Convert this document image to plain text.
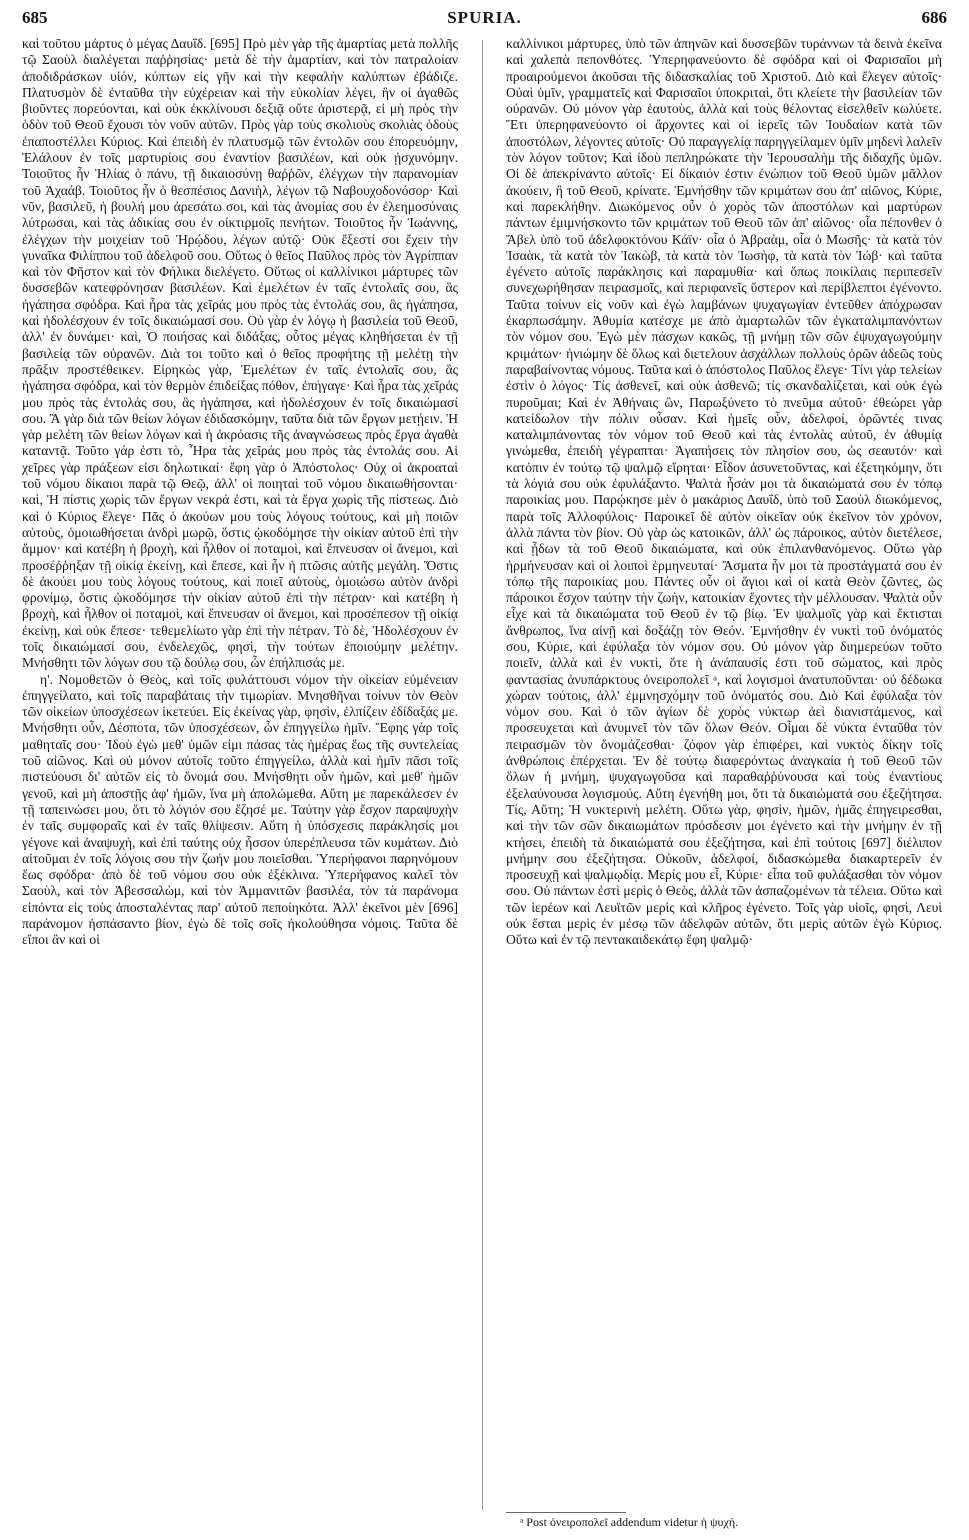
685	SPURIA.	686

καὶ τοῦτου μάρτυς ὁ μέγας Δαυΐδ. [695] Πρὸ μὲν γὰρ τῆς ἁμαρτίας μετὰ πολλῆς τῷ Σαοὺλ διαλέγεται παῤῥησίας· μετὰ δὲ τὴν ἁμαρτίαν, καὶ τὸν πατραλοίαν ἀποδιδράσκων υἱόν, κύπτων εἰς γῆν καὶ τὴν κεφαλὴν καλύπτων ἐβάδιζε. Πλατυσμὸν δὲ ἐνταῦθα τὴν εὐχέρειαν καὶ τὴν εὐκολίαν λέγει, ἣν οἱ ἀγαθῶς βιοῦντες πορεύονται, καὶ οὐκ ἐκκλίνουσι δεξιᾷ οὔτε ἀριστερᾷ, εἰ μὴ πρὸς τὴν ὁδὸν τοῦ Θεοῦ ἔχουσι τὸν νοῦν αὐτῶν. Πρὸς γὰρ τοὺς σκολιοὺς σκολιὰς ὁδοὺς ἐπαποστέλλει Κύριος. Καὶ ἐπειδὴ ἐν πλατυσμῷ τῶν ἐντολῶν σου ἐπορευόμην, Ἐλάλουν ἐν τοῖς μαρτυρίοις σου ἐναντίον βασιλέων, καὶ οὐκ ᾐσχυνόμην. Τοιοῦτος ἦν Ἠλίας ὁ πάνυ, τῇ δικαιοσύνῃ θαῤῥῶν, ἐλέγχων τὴν παρανομίαν τοῦ Ἀχαάβ. Τοιοῦτος ἦν ὁ θεσπέσιος Δανιὴλ, λέγων τῷ Ναβουχοδονόσορ· Καὶ νῦν, βασιλεῦ, ἡ βουλή μου ἀρεσάτω σοι, καὶ τὰς ἀνομίας σου ἐν ἐλεημοσύναις λύτρωσαι, καὶ τὰς ἀδικίας σου ἐν οἰκτιρμοῖς πενήτων. Τοιοῦτος ἦν Ἰωάννης, ἐλέγχων τὴν μοιχείαν τοῦ Ἡρῴδου, λέγων αὐτῷ· Οὐκ ἔξεστί σοι ἔχειν τὴν γυναῖκα Φιλίππου τοῦ ἀδελφοῦ σου. Οὕτως ὁ θεῖος Παῦλος πρὸς τὸν Ἀγρίππαν καὶ τὸν Φῆστον καὶ τὸν Φήλικα διελέγετο. Οὕτως οἱ καλλίνικοι μάρτυρες τῶν δυσσεβῶν κατεφρόνησαν βασιλέων. Καὶ ἐμελέτων ἐν ταῖς ἐντολαῖς σου, ἃς ἠγάπησα σφόδρα. Καὶ ἦρα τὰς χεῖράς μου πρὸς τὰς ἐντολάς σου, ἃς ἠγάπησα, καὶ ἠδολέσχουν ἐν τοῖς δικαιώμασί σου. Οὐ γὰρ ἐν λόγῳ ἡ βασιλεία τοῦ Θεοῦ, ἀλλ' ἐν δυνάμει· καὶ, Ὁ ποιήσας καὶ διδάξας, οὗτος μέγας κληθήσεται ἐν τῇ βασιλείᾳ τῶν οὐρανῶν. Διὰ τοι τοῦτο καὶ ὁ θεῖος προφήτης τῇ μελέτῃ τὴν πρᾶξιν προστέθεικεν. Εἰρηκὼς γὰρ, Ἐμελέτων ἐν ταῖς ἐντολαῖς σου, ἃς ἠγάπησα σφόδρα, καὶ τὸν θερμὸν ἐπιδείξας πόθον, ἐπήγαγε· Καὶ ἦρα τὰς χεῖράς μου πρὸς τὰς ἐντολάς σου, ἃς ἠγάπησα, καὶ ἠδολέσχουν ἐν τοῖς δικαιώμασί σου. Ἃ γὰρ διὰ τῶν θείων λόγων ἐδιδασκόμην, ταῦτα διὰ τῶν ἔργων μετῄειν. Ἡ γὰρ μελέτη τῶν θείων λόγων καὶ ἡ ἀκρόασις τῆς ἀναγνώσεως πρὸς ἔργα ἀγαθὰ καταντᾷ. Τοῦτο γάρ ἐστι τὸ, Ἦρα τὰς χεῖράς μου πρὸς τὰς ἐντολάς σου. Αἱ χεῖρες γὰρ πράξεων εἰσι δηλωτικαί· ἔφη γὰρ ὁ Ἀπόστολος· Οὐχ οἱ ἀκροαταὶ τοῦ νόμου δίκαιοι παρὰ τῷ Θεῷ, ἀλλ' οἱ ποιηταὶ τοῦ νόμου δικαιωθήσονται· καὶ, Ἡ πίστις χωρὶς τῶν ἔργων νεκρά ἐστι, καὶ τὰ ἔργα χωρὶς τῆς πίστεως. Διὸ καὶ ὁ Κύριος ἔλεγε· Πᾶς ὁ ἀκούων μου τοὺς λόγους τούτους, καὶ μὴ ποιῶν αὐτοὺς, ὁμοιωθήσεται ἀνδρὶ μωρῷ, ὅστις ᾠκοδόμησε τὴν οἰκίαν αὐτοῦ ἐπὶ τὴν ἄμμον· καὶ κατέβη ἡ βροχὴ, καὶ ἦλθον οἱ ποταμοὶ, καὶ ἔπνευσαν οἱ ἄνεμοι, καὶ προσέῤῥηξαν τῇ οἰκίᾳ ἐκείνῃ, καὶ ἔπεσε, καὶ ἦν ἡ πτῶσις αὐτῆς μεγάλη. Ὅστις δὲ ἀκούει μου τοὺς λόγους τούτους, καὶ ποιεῖ αὐτοὺς, ὁμοιώσω αὐτὸν ἀνδρὶ φρονίμῳ, ὅστις ᾠκοδόμησε τὴν οἰκίαν αὐτοῦ ἐπὶ τὴν πέτραν· καὶ κατέβη ἡ βροχὴ, καὶ ἦλθον οἱ ποταμοὶ, καὶ ἔπνευσαν οἱ ἄνεμοι, καὶ προσέπεσον τῇ οἰκίᾳ ἐκείνῃ, καὶ οὐκ ἔπεσε· τεθεμελίωτο γὰρ ἐπὶ τὴν πέτραν. Τὸ δὲ, Ἠδολέσχουν ἐν τοῖς δικαιώμασί σου, ἐνδελεχῶς, φησὶ, τὴν τούτων ἐποιούμην μελέτην. Μνήσθητι τῶν λόγων σου τῷ δούλῳ σου, ὧν ἐπήλπισάς με.

η'. Νομοθετῶν ὁ Θεὸς, καὶ τοῖς φυλάττουσι νόμον τὴν οἰκείαν εὐμένειαν ἐπηγγείλατο, καὶ τοῖς παραβάταις τὴν τιμωρίαν. Μνησθῆναι τοίνυν τὸν Θεὸν τῶν οἰκείων ὑποσχέσεων ἱκετεύει. Εἰς ἐκείνας γὰρ, φησὶν, ἐλπίζειν ἐδίδαξάς με. Μνήσθητι οὖν, Δέσποτα, τῶν ὑποσχέσεων, ὧν ἐπηγγείλω ἡμῖν. Ἔφης γὰρ τοῖς μαθηταῖς σου· Ἰδοὺ ἐγὼ μεθ' ὑμῶν εἰμι πάσας τὰς ἡμέρας ἕως τῆς συντελείας τοῦ αἰῶνος. Καὶ οὐ μόνον αὐτοῖς τοῦτο ἐπηγγείλω, ἀλλὰ καὶ ἡμῖν πᾶσι τοῖς πιστεύουσι δι' αὐτῶν εἰς τὸ ὄνομά σου. Μνήσθητι οὖν ἡμῶν, καὶ μεθ' ἡμῶν γενοῦ, καὶ μὴ ἀποστῇς ἀφ' ἡμῶν, ἵνα μὴ ἀπολώμεθα. Αὕτη με παρεκάλεσεν ἐν τῇ ταπεινώσει μου, ὅτι τὸ λόγιόν σου ἔζησέ με. Ταύτην γὰρ ἔσχον παραψυχὴν ἐν ταῖς συμφοραῖς καὶ ἐν ταῖς θλίψεσιν. Αὕτη ἡ ὑπόσχεσις παράκλησίς μοι γέγονε καὶ ἀναψυχὴ, καὶ ἐπὶ ταύτης οὐχ ἧσσον ὑπερέπλευσα τῶν κυμάτων. Διὸ αἰτοῦμαι ἐν τοῖς λόγοις σου τὴν ζωήν μου ποιεῖσθαι. Ὑπερήφανοι παρηνόμουν ἕως σφόδρα· ἀπὸ δὲ τοῦ νόμου σου οὐκ ἐξέκλινα. Ὑπερήφανος καλεῖ τὸν Σαοὺλ, καὶ τὸν Ἀβεσσαλὼμ, καὶ τὸν Ἀμμανιτῶν βασιλέα, τὸν τὰ παράνομα εἰπόντα εἰς τοὺς ἀποσταλέντας παρ' αὐτοῦ πεποίηκότα. Ἀλλ' ἐκεῖνοι μὲν [696] παράνομον ἠσπάσαντο βίον, ἐγὼ δὲ τοῖς σοῖς ἠκολούθησα νόμοις. Ταῦτα δὲ εἴποι ἂν καὶ οἱ

καλλίνικοι μάρτυρες, ὑπὸ τῶν ἀπηνῶν καὶ δυσσεβῶν τυράννων τὰ δεινὰ ἐκεῖνα καὶ χαλεπὰ πεπονθότες. Ὑπερηφανεύοντο δὲ σφόδρα καὶ οἱ Φαρισαῖοι μὴ προαιρούμενοι ἀκοῦσαι τῆς διδασκαλίας τοῦ Χριστοῦ. Διὸ καὶ ἔλεγεν αὐτοῖς· Οὐαὶ ὑμῖν, γραμματεῖς καὶ Φαρισαῖοι ὑποκριταὶ, ὅτι κλείετε τὴν βασιλείαν τῶν οὐρανῶν. Οὐ μόνον γὰρ ἑαυτοὺς, ἀλλὰ καὶ τοὺς θέλοντας εἰσελθεῖν κωλύετε. Ἔτι ὑπερηφανεύοντο οἱ ἄρχοντες καὶ οἱ ἱερεῖς τῶν Ἰουδαίων κατὰ τῶν ἀποστόλων, λέγοντες αὐτοῖς· Οὐ παραγγελίᾳ παρηγγείλαμεν ὑμῖν μηδενὶ λαλεῖν τὸν λόγον τοῦτον; Καὶ ἰδοὺ πεπληρώκατε τὴν Ἱερουσαλὴμ τῆς διδαχῆς ὑμῶν. Οἱ δὲ ἀπεκρίναντο αὐτοῖς· Εἰ δίκαιόν ἐστιν ἐνώπιον τοῦ Θεοῦ ὑμῶν μᾶλλον ἀκούειν, ἢ τοῦ Θεοῦ, κρίνατε. Ἐμνήσθην τῶν κριμάτων σου ἀπ' αἰῶνος, Κύριε, καὶ παρεκλήθην. Διωκόμενος οὖν ὁ χορὸς τῶν ἀποστόλων καὶ μαρτύρων πάντων ἐμιμνήσκοντο τῶν κριμάτων τοῦ Θεοῦ τῶν ἀπ' αἰῶνος· οἷα πέπονθεν ὁ Ἄβελ ὑπὸ τοῦ ἀδελφοκτόνου Κάϊν· οἷα ὁ Ἀβραὰμ, οἷα ὁ Μωσῆς· τὰ κατὰ τὸν Ἰσαὰκ, τὰ κατὰ τὸν Ἰακὼβ, τὰ κατὰ τὸν Ἰωσὴφ, τὰ κατὰ τὸν Ἰώβ· καὶ ταῦτα ἐγένετο αὐτοῖς παράκλησις καὶ παραμυθία· καὶ ὅπως ποικίλαις περιπεσεῖν συνεχωρήθησαν πειρασμοῖς, καὶ περιφανεῖς ὕστερον καὶ περίβλεπτοι ἐγένοντο. Ταῦτα τοίνυν εἰς νοῦν καὶ ἐγὼ λαμβάνων ψυχαγωγίαν ἐντεῦθεν ἀπόχρωσαν ἐκαρπωσάμην. Ἀθυμία κατέσχε με ἀπὸ ἁμαρτωλῶν τῶν ἐγκαταλιμπανόντων τὸν νόμον σου. Ἐγὼ μὲν πάσχων κακῶς, τῇ μνήμῃ τῶν σῶν ἐψυχαγωγούμην κριμάτων· ἠνιώμην δὲ ὅλως καὶ διετελουν ἀσχάλλων πολλοὺς ὁρῶν ἀδεῶς τοὺς παραβαίνοντας νόμους. Ταῦτα καὶ ὁ ἀπόστολος Παῦλος ἔλεγε· Τίνι γὰρ τελείων ἐστὶν ὁ λόγος· Τίς ἀσθενεῖ, καὶ οὐκ ἀσθενῶ; τίς σκανδαλίζεται, καὶ οὐκ ἐγὼ πυροῦμαι; Καὶ ἐν Ἀθήναις ὢν, Παρωξύνετο τὸ πνεῦμα αὐτοῦ· ἐθεώρει γὰρ κατείδωλον τὴν πόλιν οὖσαν. Καὶ ἡμεῖς οὖν, ἀδελφοί, ὁρῶντές τινας καταλιμπάνοντας τὸν νόμον τοῦ Θεοῦ καὶ τὰς ἐντολὰς αὐτοῦ, ἐν ἀθυμίᾳ γινώμεθα, ἐπειδὴ γέγραπται· Ἀγαπήσεις τὸν πλησίον σου, ὡς σεαυτόν· καὶ κατόπιν ἐν τούτῳ τῷ ψαλμῷ εἴρηται· Εἶδον ἀσυνετοῦντας, καὶ ἐξετηκόμην, ὅτι τὰ λόγιά σου οὐκ ἐφυλάξαντο. Ψαλτὰ ἦσάν μοι τὰ δικαιώματά σου ἐν τόπῳ παροικίας μου. Παρῴκησε μὲν ὁ μακάριος Δαυΐδ, ὑπὸ τοῦ Σαοὺλ διωκόμενος, παρὰ τοῖς Ἀλλοφύλοις· Παροικεῖ δὲ αὐτὸν οἰκεῖαν οὐκ ἐκεῖνον τὸν χρόνον, ἀλλὰ πάντα τὸν βίον. Οὐ γὰρ ὡς κατοικῶν, ἀλλ' ὡς πάροικος, αὐτὸν διετέλεσε, καὶ ᾖδων τὰ τοῦ Θεοῦ δικαιώματα, καὶ οὐκ ἐπιλανθανόμενος. Οὕτω γὰρ ἡρμήνευσαν καὶ οἱ λοιποὶ ἑρμηνευταί· Ἄσματα ἦν μοι τὰ προστάγματά σου ἐν τόπῳ τῆς παροικίας μου. Πάντες οὖν οἱ ἅγιοι καὶ οἱ κατὰ Θεὸν ζῶντες, ὡς πάροικοι ἔσχον ταύτην τὴν ζωὴν, κατοικίαν ἔχοντες τὴν μέλλουσαν. Ψαλτὰ οὖν εἶχε καὶ τὰ δικαιώματα τοῦ Θεοῦ ἐν τῷ βίῳ. Ἐν ψαλμοῖς γὰρ καὶ ἔκτισται ἄνθρωπος, ἵνα αἰνῇ καὶ δοξάζῃ τὸν Θεόν. Ἐμνήσθην ἐν νυκτὶ τοῦ ὀνόματός σου, Κύριε, καὶ ἐφύλαξα τὸν νόμον σου. Οὐ μόνον γὰρ διημερεύων τοῦτο ποιεῖν, ἀλλὰ καὶ ἐν νυκτὶ, ὅτε ἡ ἀνάπαυσίς ἐστι τοῦ σώματος, καὶ πρὸς φαντασίας ἀνυπάρκτους ὀνειροπολεῖ ᵃ, καὶ λογισμοὶ ἀνατυποῦνται· οὐ δέδωκα χώραν τούτοις, ἀλλ' ἐμμνησχόμην τοῦ ὀνόματός σου. Διὸ Καὶ ἐφύλαξα τὸν νόμον σου. Καὶ ὁ τῶν ἁγίων δὲ χορὸς νύκτωρ ἀεὶ διανιστάμενος, καὶ προσευχεται καὶ ἀνυμνεῖ τὸν τῶν ὅλων Θεόν. Οἶμαι δὲ νύκτα ἐνταῦθα τὸν πειρασμῶν τὸν ὄνομάζεσθαι· ζόφον γὰρ ἐπιφέρει, καὶ νυκτὸς δίκην τοῖς ἀνθρώποις ἐπέρχεται. Ἐν δὲ τούτῳ διαφερόντως ἀναγκαία ἡ τοῦ Θεοῦ τῶν ὅλων ἡ μνήμη, ψυχαγωγοῦσα καὶ παραθαῤῥύνουσα καὶ τοὺς ἐναντίους ἐξελαύνουσα λογισμούς. Αὕτη ἐγενήθη μοι, ὅτι τὰ δικαιώματά σου ἐξεζήτησα. Τίς, Αὕτη; Ἡ νυκτερινὴ μελέτη. Οὕτω γὰρ, φησὶν, ἡμῶν, ἡμᾶς ἐπηγειρεσθαι, καὶ τὴν τῶν σῶν δικαιωμάτων πρόσδεσιν μοι ἐγένετο καὶ τὴν μνήμην ἐν τῇ κτήσει, ἐπειδὴ τὰ δικαιώματά σου ἐξεζήτησα, καὶ ἐπὶ τούτοις [697] διέλιπον μνήμην σου ἐξεζήτησα. Οὐκοῦν, ἀδελφοί, διδασκώμεθα διακαρτερεῖν ἐν προσευχῇ καὶ ψαλμῳδίᾳ. Μερίς μου εἶ, Κύριε· εἶπα τοῦ φυλάξασθαι τὸν νόμον σου. Οὐ πάντων ἐστὶ μερὶς ὁ Θεὸς, ἀλλὰ τῶν ἀσπαζομένων τὰ τέλεια. Οὕτω καὶ τῶν ἱερέων καὶ Λευϊτῶν μερὶς καὶ κλῆρος ἐγένετο. Τοῖς γὰρ υἱοῖς, φησὶ, Λευὶ οὐκ ἔσται μερὶς ἐν μέσῳ τῶν ἀδελφῶν αὐτῶν, ὅτι μερὶς αὐτῶν ἐγὼ Κύριος. Οὕτω καὶ ἐν τῷ πεντακαιδεκάτῳ ἔφη ψαλμῷ·

ᵃ Post ὀνειροπολεῖ addendum videtur ἡ ψυχή.
